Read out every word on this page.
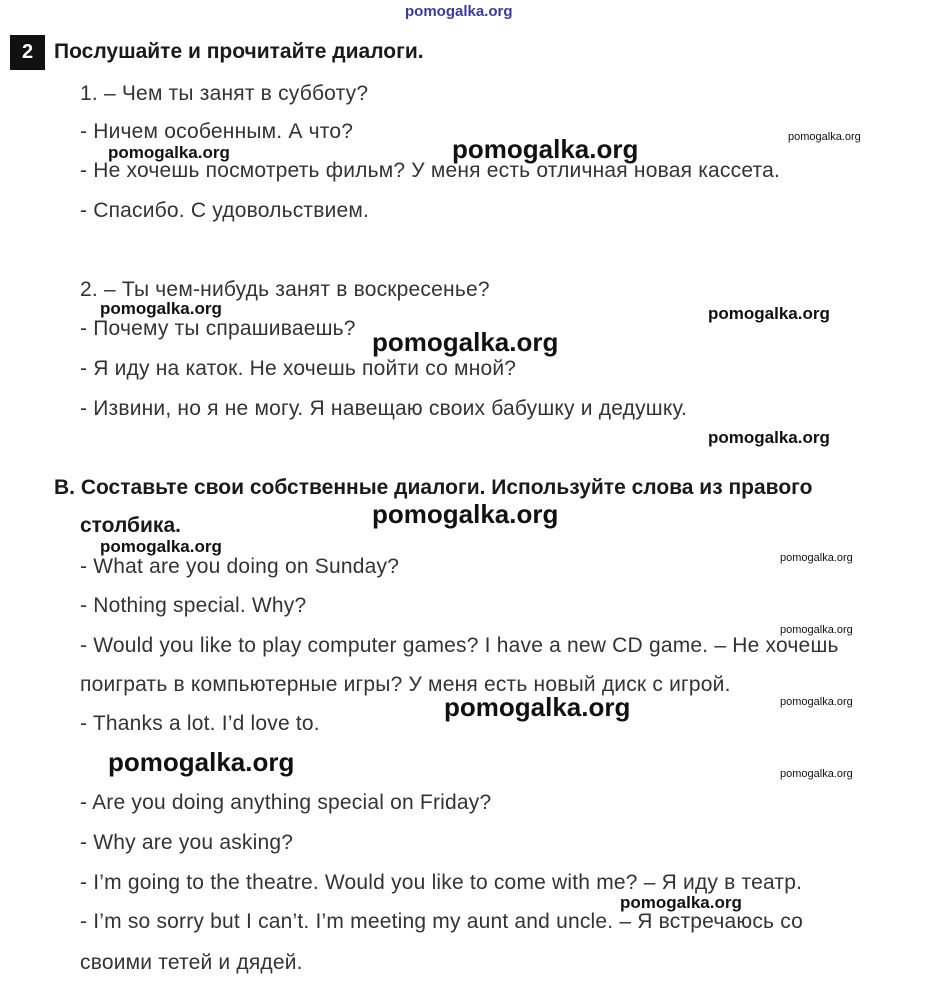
pomogalka.org
2 Послушайте и прочитайте диалоги.
1. – Чем ты занят в субботу?
- Ничем особенным. А что?
- Не хочешь посмотреть фильм? У меня есть отличная новая кассета.
- Спасибо. С удовольствием.
2. – Ты чем-нибудь занят в воскресенье?
- Почему ты спрашиваешь?
- Я иду на каток. Не хочешь пойти со мной?
- Извини, но я не могу. Я навещаю своих бабушку и дедушку.
B. Составьте свои собственные диалоги. Используйте слова из правого
столбика.
- What are you doing on Sunday?
- Nothing special. Why?
- Would you like to play computer games? I have a new CD game. – Не хочешь
поиграть в компьютерные игры? У меня есть новый диск с игрой.
- Thanks a lot. I’d love to.
- Are you doing anything special on Friday?
- Why are you asking?
- I’m going to the theatre. Would you like to come with me? – Я иду в театр.
- I’m so sorry but I can’t. I’m meeting my aunt and uncle. – Я встречаюсь со
своими тетей и дядей.
pomogalka.org	pomogalka.org	pomogalka.org
pomogalka.org	pomogalka.org
pomogalka.org
pomogalka.org
pomogalka.org
pomogalka.org
pomogalka.org
pomogalka.org
pomogalka.org
pomogalka.org
pomogalka.org	pomogalka.org
pomogalka.org
